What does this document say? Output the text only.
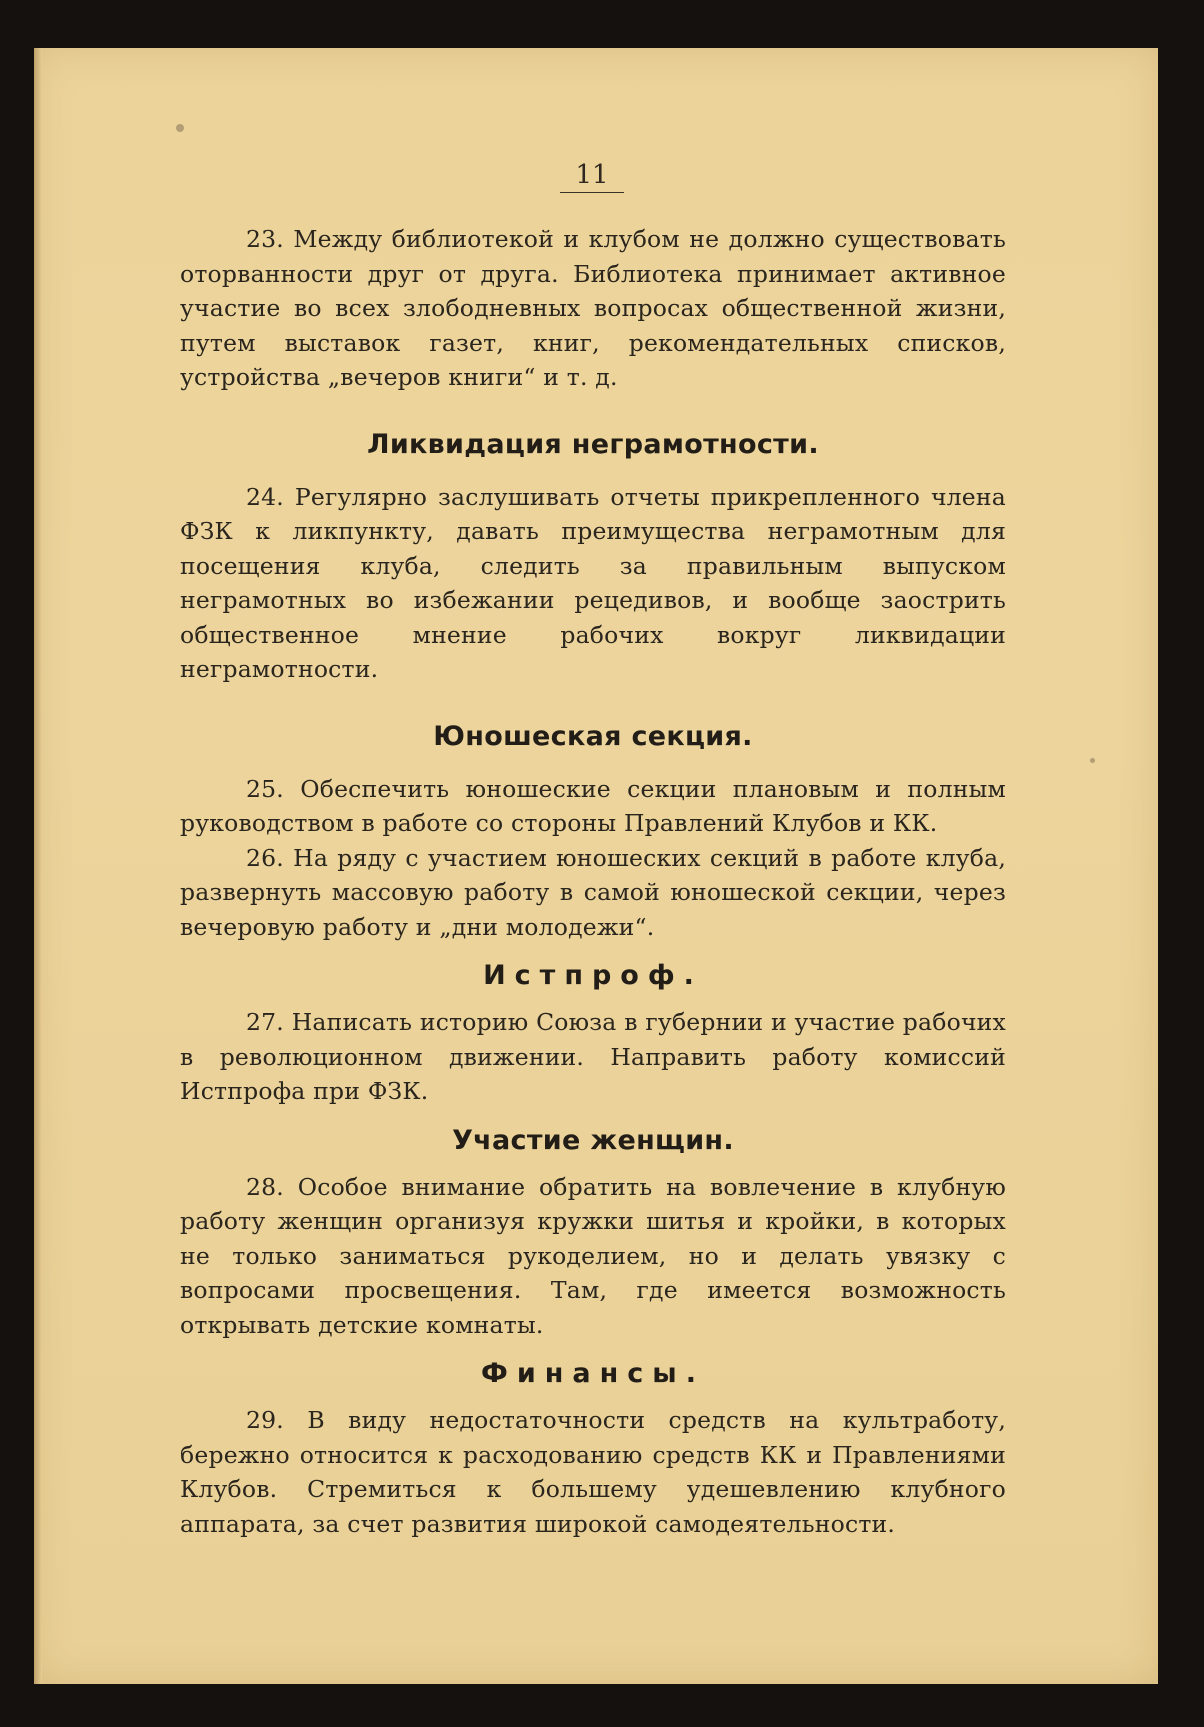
11

23. Между библиотекой и клубом не должно существовать оторванности друг от друга. Библиотека принимает активное участие во всех злободневных вопросах общественной жизни, путем выставок газет, книг, рекомендательных списков, устройства „вечеров книги“ и т. д.

Ликвидация неграмотности.

24. Регулярно заслушивать отчеты прикрепленного члена ФЗК к ликпункту, давать преимущества неграмотным для посещения клуба, следить за правильным выпуском неграмотных во избежании рецедивов, и вообще заострить общественное мнение рабочих вокруг ликвидации неграмотности.

Юношеская секция.

25. Обеспечить юношеские секции плановым и полным руководством в работе со стороны Правлений Клубов и КК.

26. На ряду с участием юношеских секций в работе клуба, развернуть массовую работу в самой юношеской секции, через вечеровую работу и „дни молодежи“.

Истпроф.

27. Написать историю Союза в губернии и участие рабочих в революционном движении. Направить работу комиссий Истпрофа при ФЗК.

Участие женщин.

28. Особое внимание обратить на вовлечение в клубную работу женщин организуя кружки шитья и кройки, в которых не только заниматься рукоделием, но и делать увязку с вопросами просвещения. Там, где имеется возможность открывать детские комнаты.

Финансы.

29. В виду недостаточности средств на культработу, бережно относится к расходованию средств КК и Правлениями Клубов. Стремиться к большему удешевлению клубного аппарата, за счет развития широкой самодеятельности.
